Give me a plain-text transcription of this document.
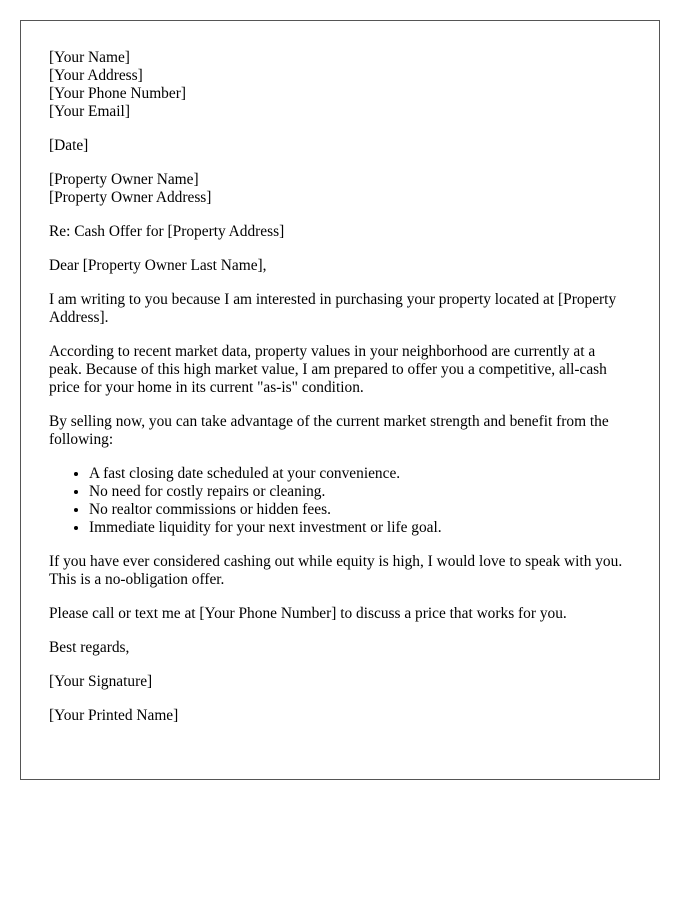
[Your Name]
[Your Address]
[Your Phone Number]
[Your Email]

[Date]

[Property Owner Name]
[Property Owner Address]

Re: Cash Offer for [Property Address]

Dear [Property Owner Last Name],

I am writing to you because I am interested in purchasing your property located at [Property Address].

According to recent market data, property values in your neighborhood are currently at a peak. Because of this high market value, I am prepared to offer you a competitive, all-cash price for your home in its current "as-is" condition.

By selling now, you can take advantage of the current market strength and benefit from the following:

• A fast closing date scheduled at your convenience.
• No need for costly repairs or cleaning.
• No realtor commissions or hidden fees.
• Immediate liquidity for your next investment or life goal.

If you have ever considered cashing out while equity is high, I would love to speak with you. This is a no-obligation offer.

Please call or text me at [Your Phone Number] to discuss a price that works for you.

Best regards,

[Your Signature]

[Your Printed Name]
